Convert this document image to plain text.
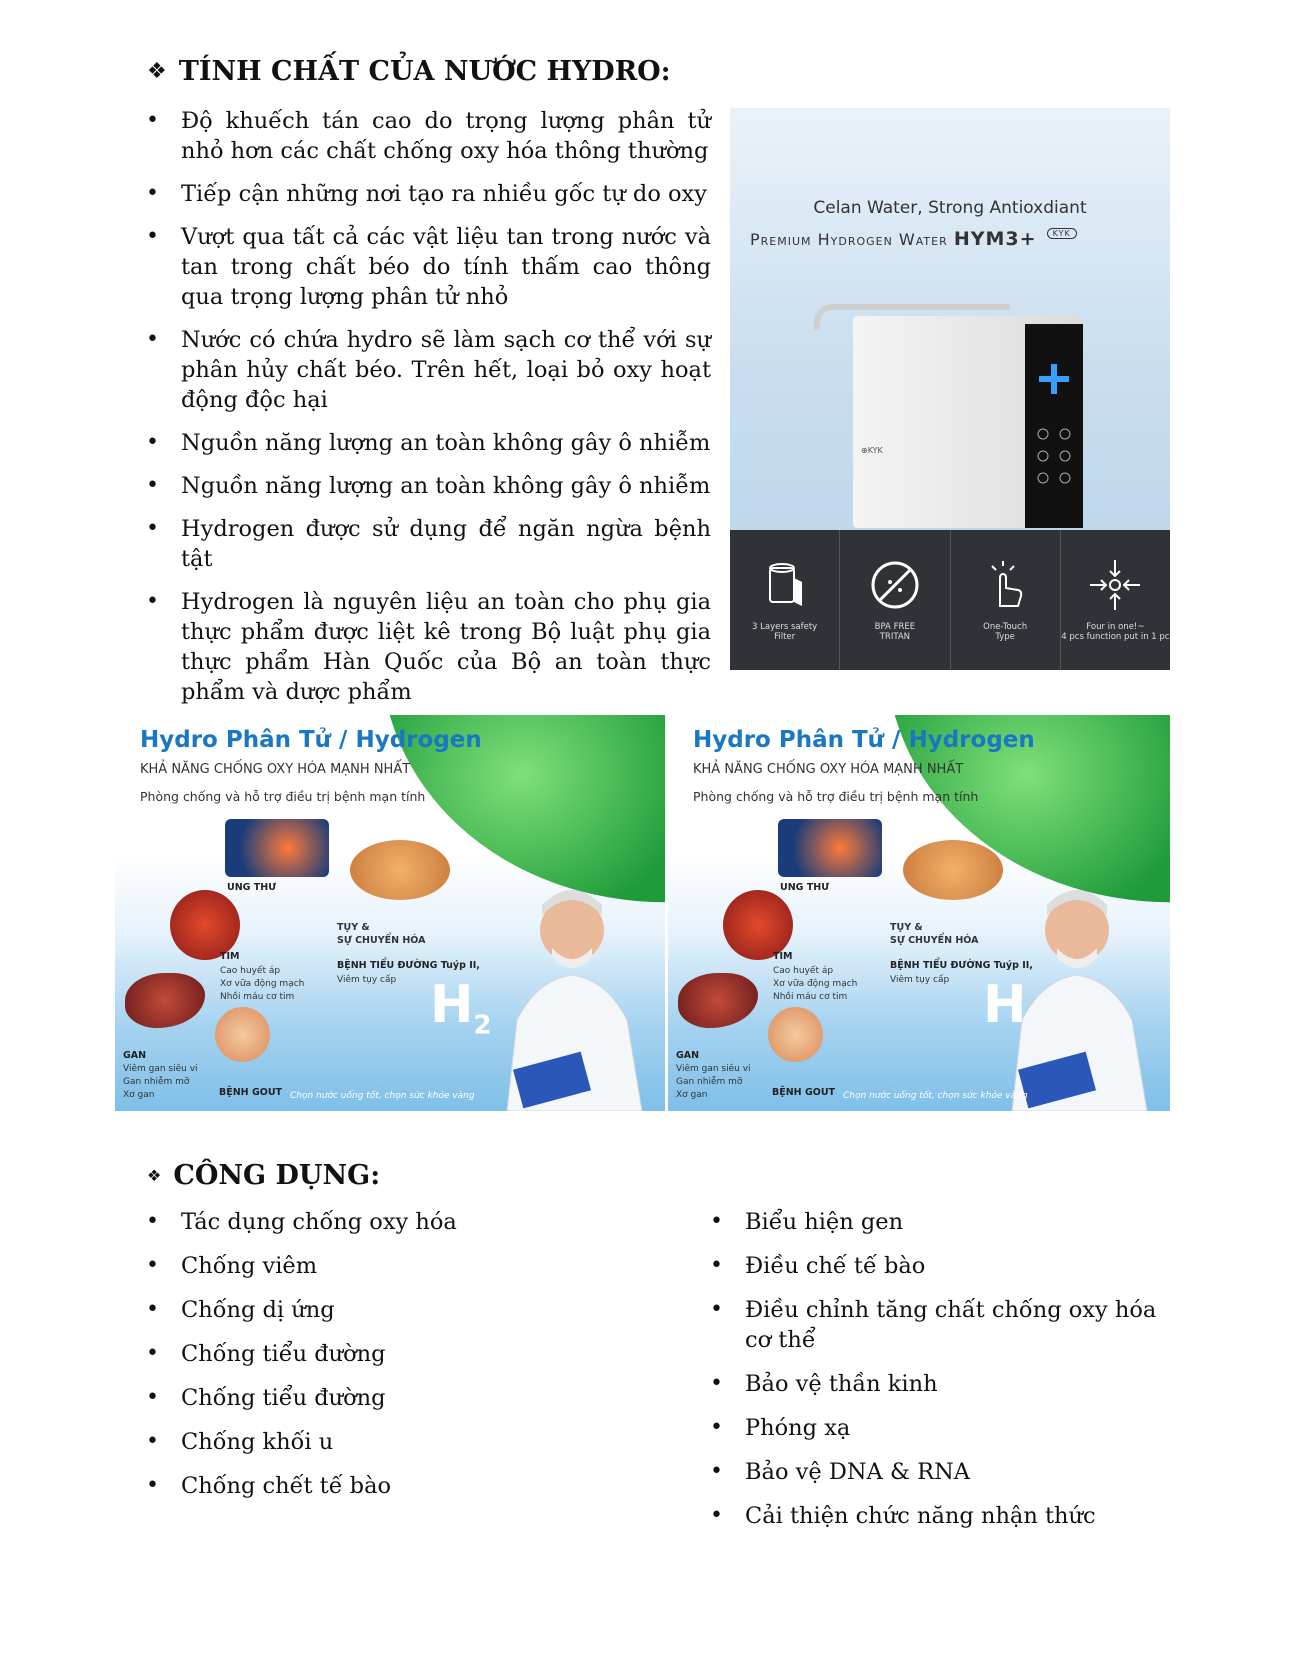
❖ TÍNH CHẤT CỦA NƯỚC HYDRO:
• Độ khuếch tán cao do trọng lượng phân tử nhỏ hơn các chất chống oxy hóa thông thường
• Tiếp cận những nơi tạo ra nhiều gốc tự do oxy
• Vượt qua tất cả các vật liệu tan trong nước và tan trong chất béo do tính thấm cao thông qua trọng lượng phân tử nhỏ
• Nước có chứa hydro sẽ làm sạch cơ thể với sự phân hủy chất béo. Trên hết, loại bỏ oxy hoạt động độc hại
• Nguồn năng lượng an toàn không gây ô nhiễm
• Nguồn năng lượng an toàn không gây ô nhiễm
• Hydrogen được sử dụng để ngăn ngừa bệnh tật
• Hydrogen là nguyên liệu an toàn cho phụ gia thực phẩm được liệt kê trong Bộ luật phụ gia thực phẩm Hàn Quốc của Bộ an toàn thực phẩm và dược phẩm
Celan Water, Strong Antioxdiant
Premium Hydrogen Water HYM3+ KYK
⊕KYK
3 Layers safety
Filter
BPA FREE
TRITAN
One-Touch
Type
Four in one!~
4 pcs function put in 1 pc
Hydro Phân Tử / Hydrogen
KHẢ NĂNG CHỐNG OXY HÓA MẠNH NHẤT
Phòng chống và hỗ trợ điều trị bệnh mạn tính
UNG THƯ
TỤY &
SỰ CHUYỂN HÓA
BỆNH TIỂU ĐƯỜNG Tuýp II,
Viêm tụy cấp
TIM
Cao huyết áp
Xơ vữa động mạch
Nhồi máu cơ tim
GAN
Viêm gan siêu vi
Gan nhiễm mỡ
Xơ gan	BỆNH GOUT
$H_2$
Chọn nước uống tốt, chọn sức khỏe vàng
Hydro Phân Tử / Hydrogen
KHẢ NĂNG CHỐNG OXY HÓA MẠNH NHẤT
Phòng chống và hỗ trợ điều trị bệnh mạn tính
UNG THƯ
TỤY &
SỰ CHUYỂN HÓA
BỆNH TIỂU ĐƯỜNG Tuýp II,
Viêm tụy cấp
TIM
Cao huyết áp
Xơ vữa động mạch
Nhồi máu cơ tim
GAN
Viêm gan siêu vi
Gan nhiễm mỡ
Xơ gan	BỆNH GOUT
H
Chọn nước uống tốt, chọn sức khỏe vàng
❖ CÔNG DỤNG:
• Tác dụng chống oxy hóa
• Chống viêm
• Chống dị ứng
• Chống tiểu đường
• Chống tiểu đường
• Chống khối u
• Chống chết tế bào
• Biểu hiện gen
• Điều chế tế bào
• Điều chỉnh tăng chất chống oxy hóa cơ thể
• Bảo vệ thần kinh
• Phóng xạ
• Bảo vệ DNA & RNA
• Cải thiện chức năng nhận thức
